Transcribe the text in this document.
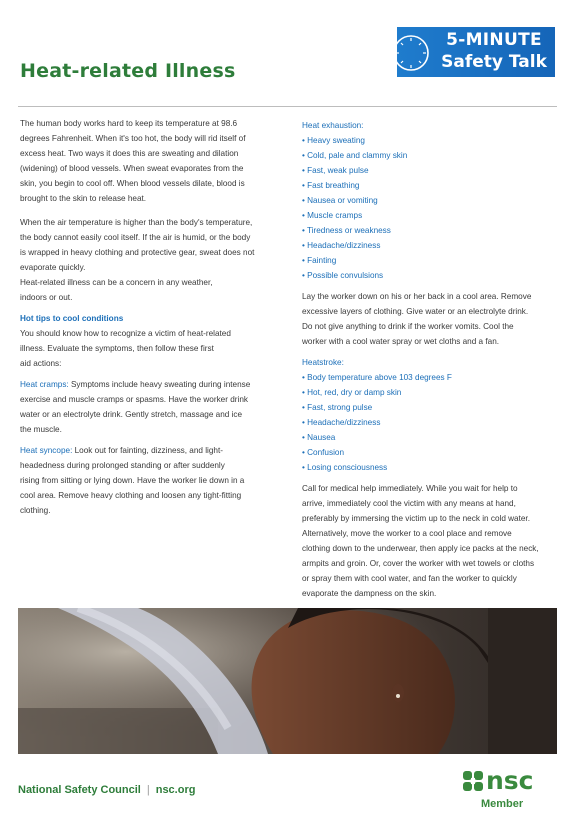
Heat-related Illness
5-MINUTE
Safety Talk

The human body works hard to keep its temperature at 98.6
degrees Fahrenheit. When it's too hot, the body will rid itself of
excess heat. Two ways it does this are sweating and dilation
(widening) of blood vessels. When sweat evaporates from the
skin, you begin to cool off. When blood vessels dilate, blood is
brought to the skin to release heat.

When the air temperature is higher than the body's temperature,
the body cannot easily cool itself. If the air is humid, or the body
is wrapped in heavy clothing and protective gear, sweat does not
evaporate quickly.
Heat-related illness can be a concern in any weather,
indoors or out.

Hot tips to cool conditions

You should know how to recognize a victim of heat-related
illness. Evaluate the symptoms, then follow these first
aid actions:

Heat cramps: Symptoms include heavy sweating during intense
exercise and muscle cramps or spasms. Have the worker drink
water or an electrolyte drink. Gently stretch, massage and ice
the muscle.

Heat syncope: Look out for fainting, dizziness, and light-
headedness during prolonged standing or after suddenly
rising from sitting or lying down. Have the worker lie down in a
cool area. Remove heavy clothing and loosen any tight-fitting
clothing.

Heat exhaustion:

• Heavy sweating
• Cold, pale and clammy skin
• Fast, weak pulse
• Fast breathing
• Nausea or vomiting
• Muscle cramps
• Tiredness or weakness
• Headache/dizziness
• Fainting
• Possible convulsions

Lay the worker down on his or her back in a cool area. Remove
excessive layers of clothing. Give water or an electrolyte drink.
Do not give anything to drink if the worker vomits. Cool the
worker with a cool water spray or wet cloths and a fan.

Heatstroke:

• Body temperature above 103 degrees F
• Hot, red, dry or damp skin
• Fast, strong pulse
• Headache/dizziness
• Nausea
• Confusion
• Losing consciousness

Call for medical help immediately. While you wait for help to
arrive, immediately cool the victim with any means at hand,
preferably by immersing the victim up to the neck in cold water.
Alternatively, move the worker to a cool place and remove
clothing down to the underwear, then apply ice packs at the neck,
armpits and groin. Or, cover the worker with wet towels or cloths
or spray them with cool water, and fan the worker to quickly
evaporate the dampness on the skin.

National Safety Council | nsc.org	nsc
Member
